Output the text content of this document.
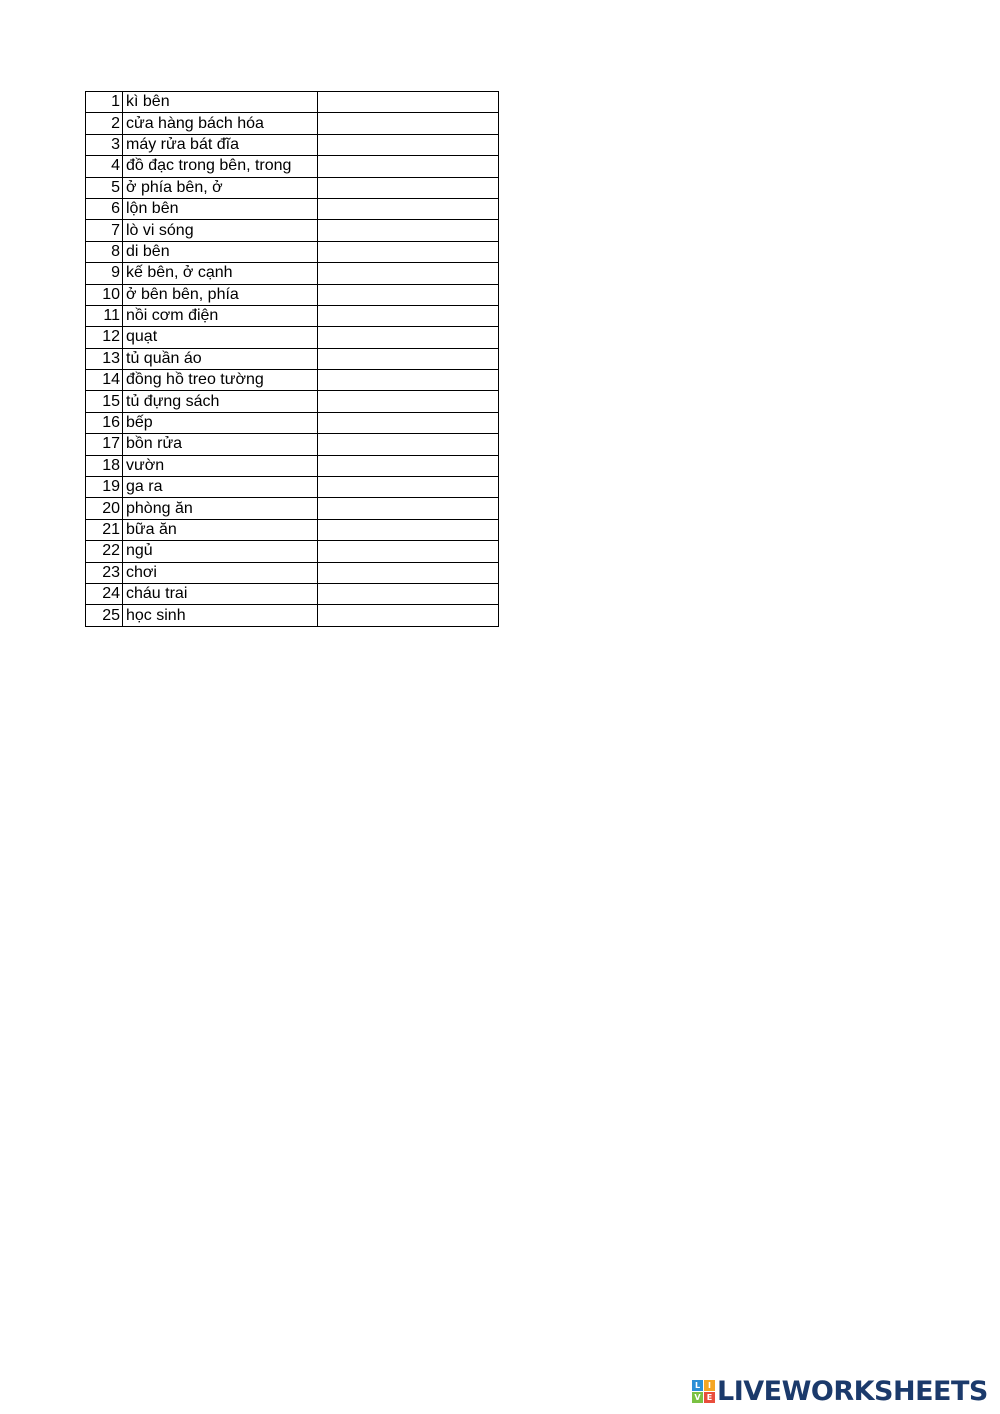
1	kì bên	
2	cửa hàng bách hóa	
3	máy rửa bát đĩa	
4	đồ đạc trong bên, trong	
5	ở phía bên, ở	
6	lộn bên	
7	lò vi sóng	
8	di bên	
9	kế bên, ở cạnh	
10	ở bên bên, phía	
11	nồi cơm điện	
12	quạt	
13	tủ quần áo	
14	đồng hồ treo tường	
15	tủ đựng sách	
16	bếp	
17	bồn rửa	
18	vườn	
19	ga ra	
20	phòng ăn	
21	bữa ăn	
22	ngủ	
23	chơi	
24	cháu trai	
25	học sinh	
L I
V E LIVEWORKSHEETS
